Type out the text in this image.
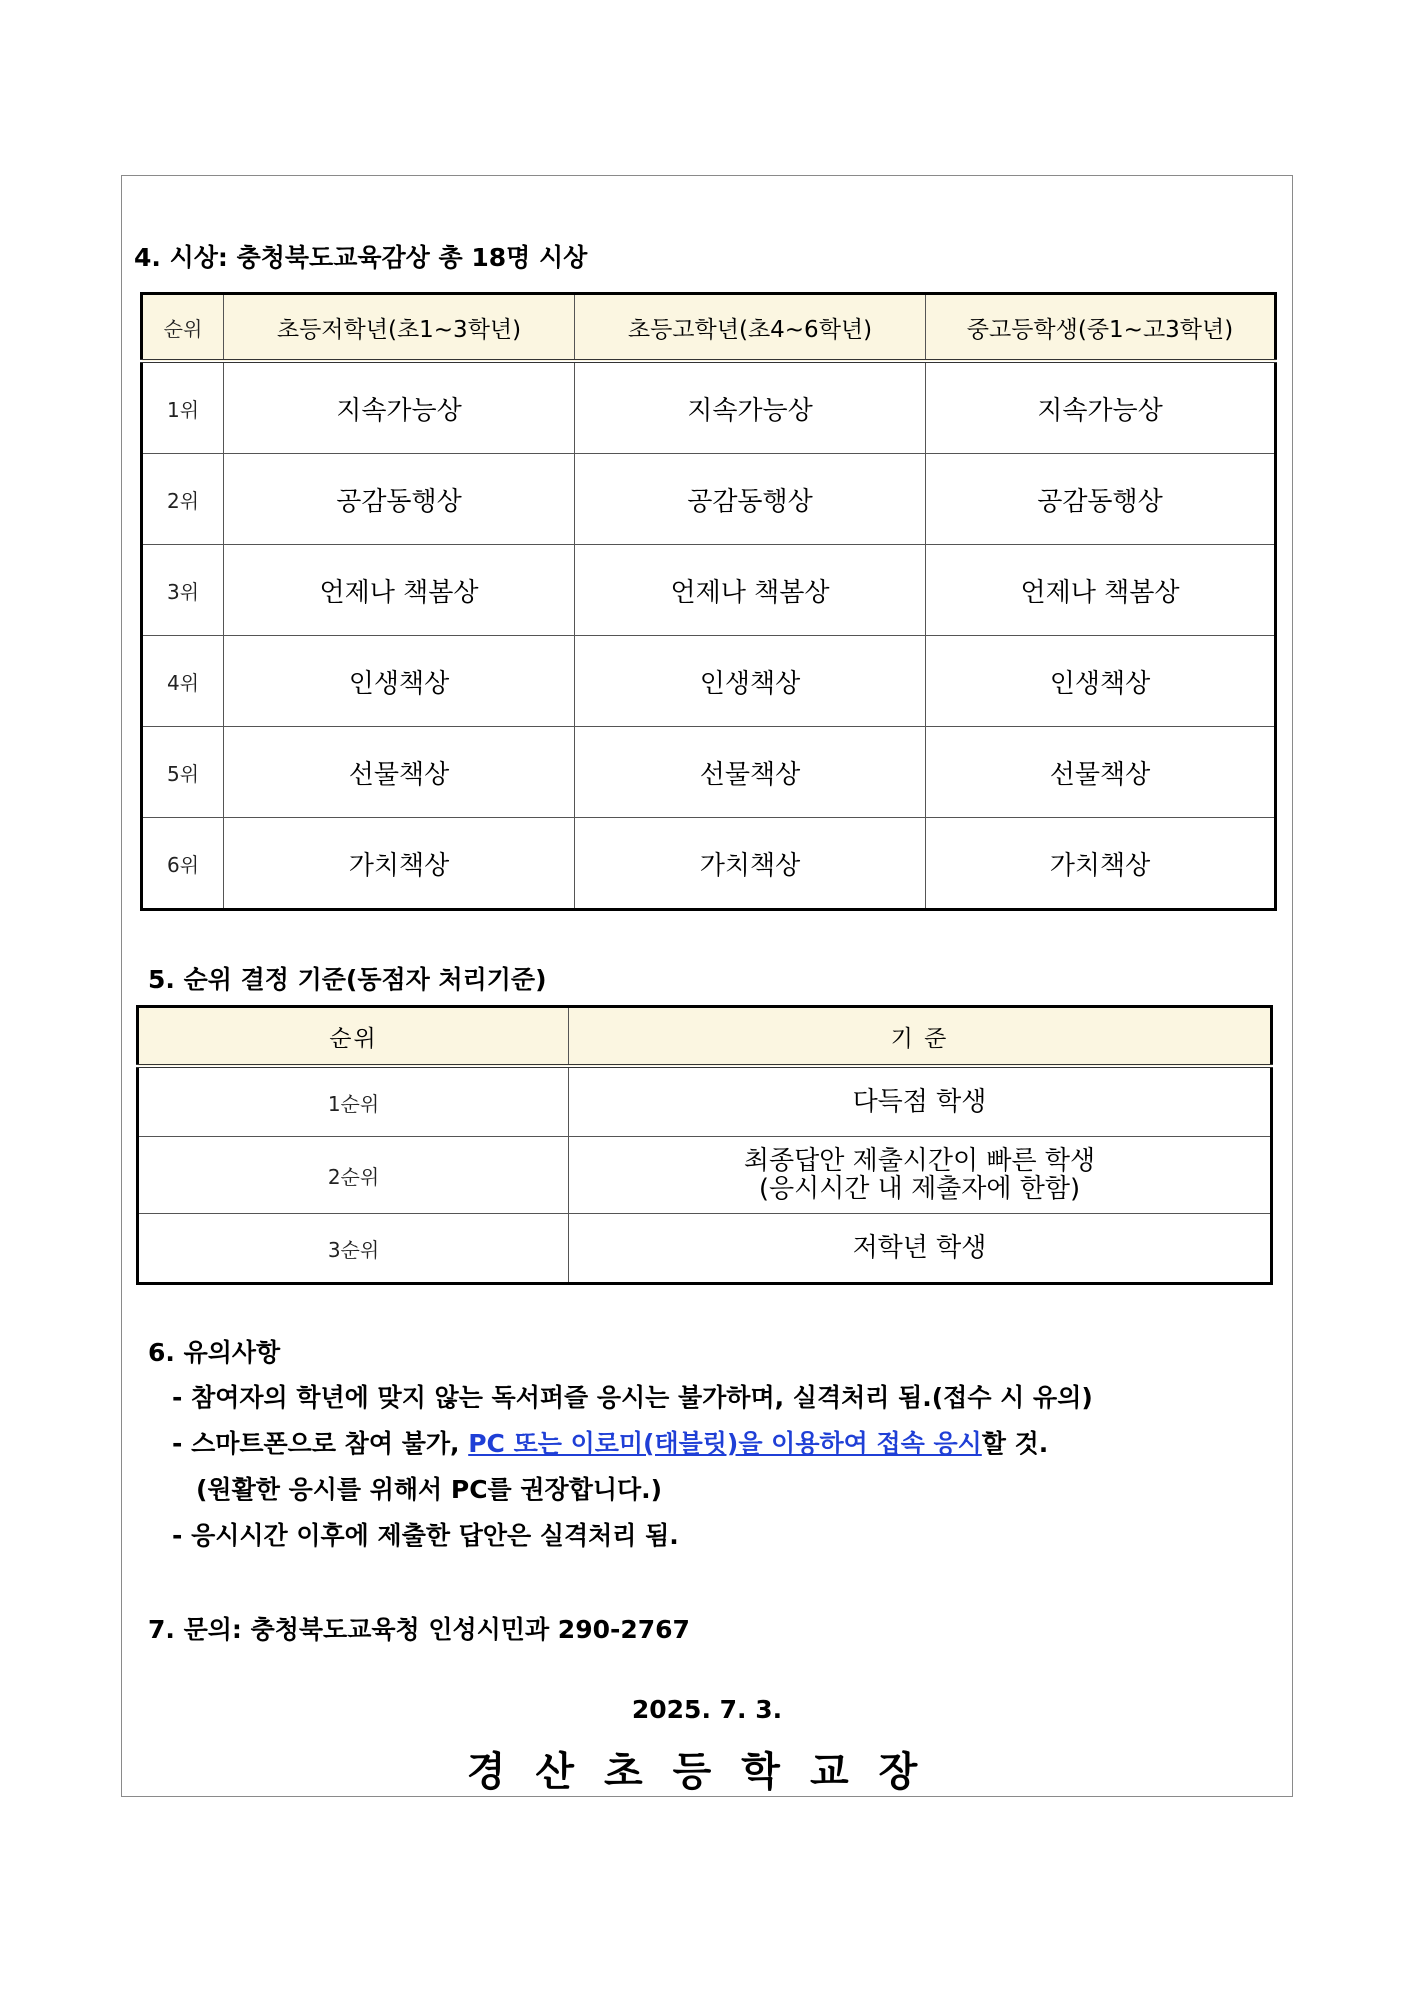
4. 시상: 충청북도교육감상 총 18명 시상
순위	초등저학년(초1~3학년)	초등고학년(초4~6학년)	중고등학생(중1~고3학년)
1위	지속가능상	지속가능상	지속가능상
2위	공감동행상	공감동행상	공감동행상
3위	언제나 책봄상	언제나 책봄상	언제나 책봄상
4위	인생책상	인생책상	인생책상
5위	선물책상	선물책상	선물책상
6위	가치책상	가치책상	가치책상
5. 순위 결정 기준(동점자 처리기준)
순위	기 준
1순위	다득점 학생

2순위	최종답안 제출시간이 빠른 학생
(응시시간 내 제출자에 한함)

3순위	저학년 학생
6. 유의사항
- 참여자의 학년에 맞지 않는 독서퍼즐 응시는 불가하며, 실격처리 됨.(접수 시 유의)
- 스마트폰으로 참여 불가, PC 또는 이로미(태블릿)을 이용하여 접속 응시할 것.
(원활한 응시를 위해서 PC를 권장합니다.)
- 응시시간 이후에 제출한 답안은 실격처리 됨.
7. 문의: 충청북도교육청 인성시민과 290-2767
2025. 7. 3.
경산초등학교장
